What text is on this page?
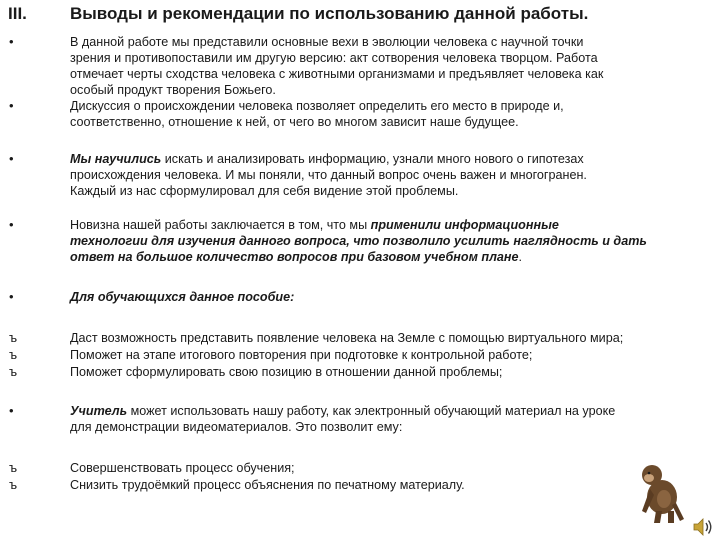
III.	Выводы и рекомендации по использованию данной работы.
•
•
В данной работе мы представили основные вехи в эволюции человека с научной точки
зрения и противопоставили им другую версию: акт сотворения человека творцом. Работа
отмечает черты сходства человека с животными организмами и предъявляет человека как
особый продукт творения Божьего.
Дискуссия о происхождении человека позволяет определить его место в природе и,
соответственно, отношение к ней, от чего во многом зависит наше будущее.
•
Мы научились искать и анализировать информацию, узнали много нового о гипотезах
происхождения человека. И мы поняли, что данный вопрос очень важен и многогранен.
Каждый из нас сформулировал для себя видение этой проблемы.
•
Новизна нашей работы заключается в том, что мы применили информационные
технологии для изучения данного вопроса, что позволило усилить наглядность и дать
ответ на большое количество вопросов при базовом учебном плане.
•
Для обучающихся данное пособие:
ъ
ъ
ъ
Даст возможность представить появление человека на Земле с помощью виртуального мира;
Поможет на этапе итогового повторения при подготовке к контрольной работе;
Поможет сформулировать свою позицию в отношении данной проблемы;
•
Учитель может использовать нашу работу, как электронный обучающий материал на уроке
для демонстрации видеоматериалов. Это позволит ему:
ъ
ъ
Совершенствовать процесс обучения;
Снизить трудоёмкий процесс объяснения по печатному материалу.
